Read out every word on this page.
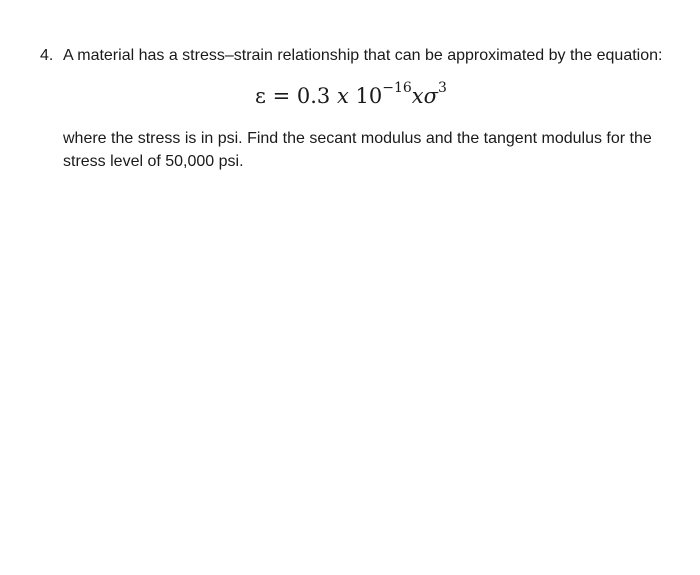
4. A material has a stress–strain relationship that can be approximated by the equation:
ε = 0.3 x $10^{-16}x\sigma^3$
where the stress is in psi. Find the secant modulus and the tangent modulus for the stress level of 50,000 psi.
